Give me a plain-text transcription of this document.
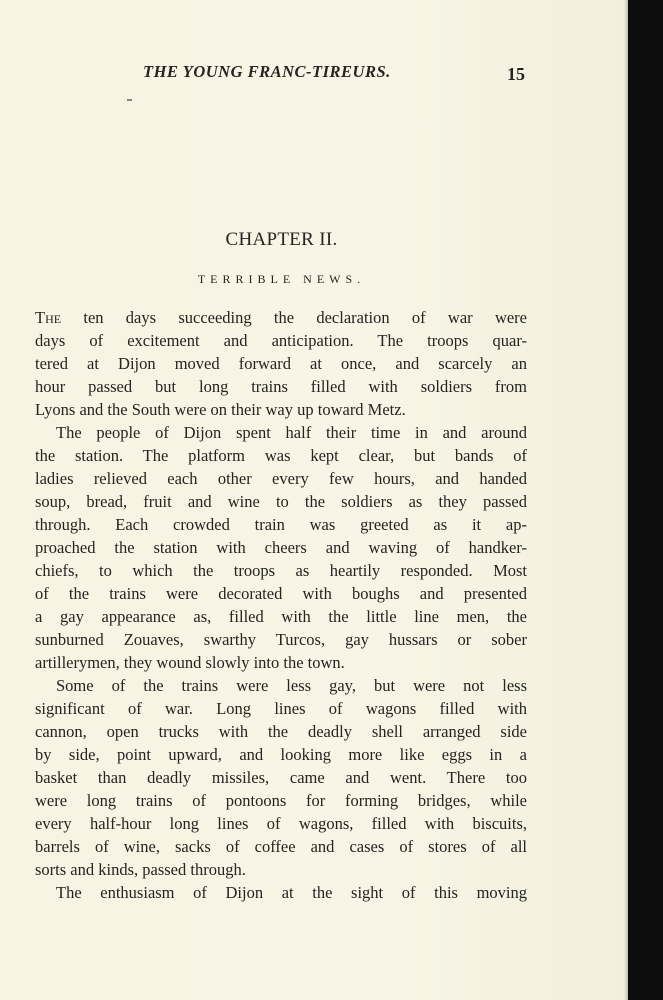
THE YOUNG FRANC-TIREURS.	15
CHAPTER II.
TERRIBLE NEWS.
The ten days succeeding the declaration of war were
days of excitement and anticipation. The troops quar-
tered at Dijon moved forward at once, and scarcely an
hour passed but long trains filled with soldiers from
Lyons and the South were on their way up toward Metz.
The people of Dijon spent half their time in and around
the station. The platform was kept clear, but bands of
ladies relieved each other every few hours, and handed
soup, bread, fruit and wine to the soldiers as they passed
through. Each crowded train was greeted as it ap-
proached the station with cheers and waving of handker-
chiefs, to which the troops as heartily responded. Most
of the trains were decorated with boughs and presented
a gay appearance as, filled with the little line men, the
sunburned Zouaves, swarthy Turcos, gay hussars or sober
artillerymen, they wound slowly into the town.
Some of the trains were less gay, but were not less
significant of war. Long lines of wagons filled with
cannon, open trucks with the deadly shell arranged side
by side, point upward, and looking more like eggs in a
basket than deadly missiles, came and went. There too
were long trains of pontoons for forming bridges, while
every half-hour long lines of wagons, filled with biscuits,
barrels of wine, sacks of coffee and cases of stores of all
sorts and kinds, passed through.
The enthusiasm of Dijon at the sight of this moving
